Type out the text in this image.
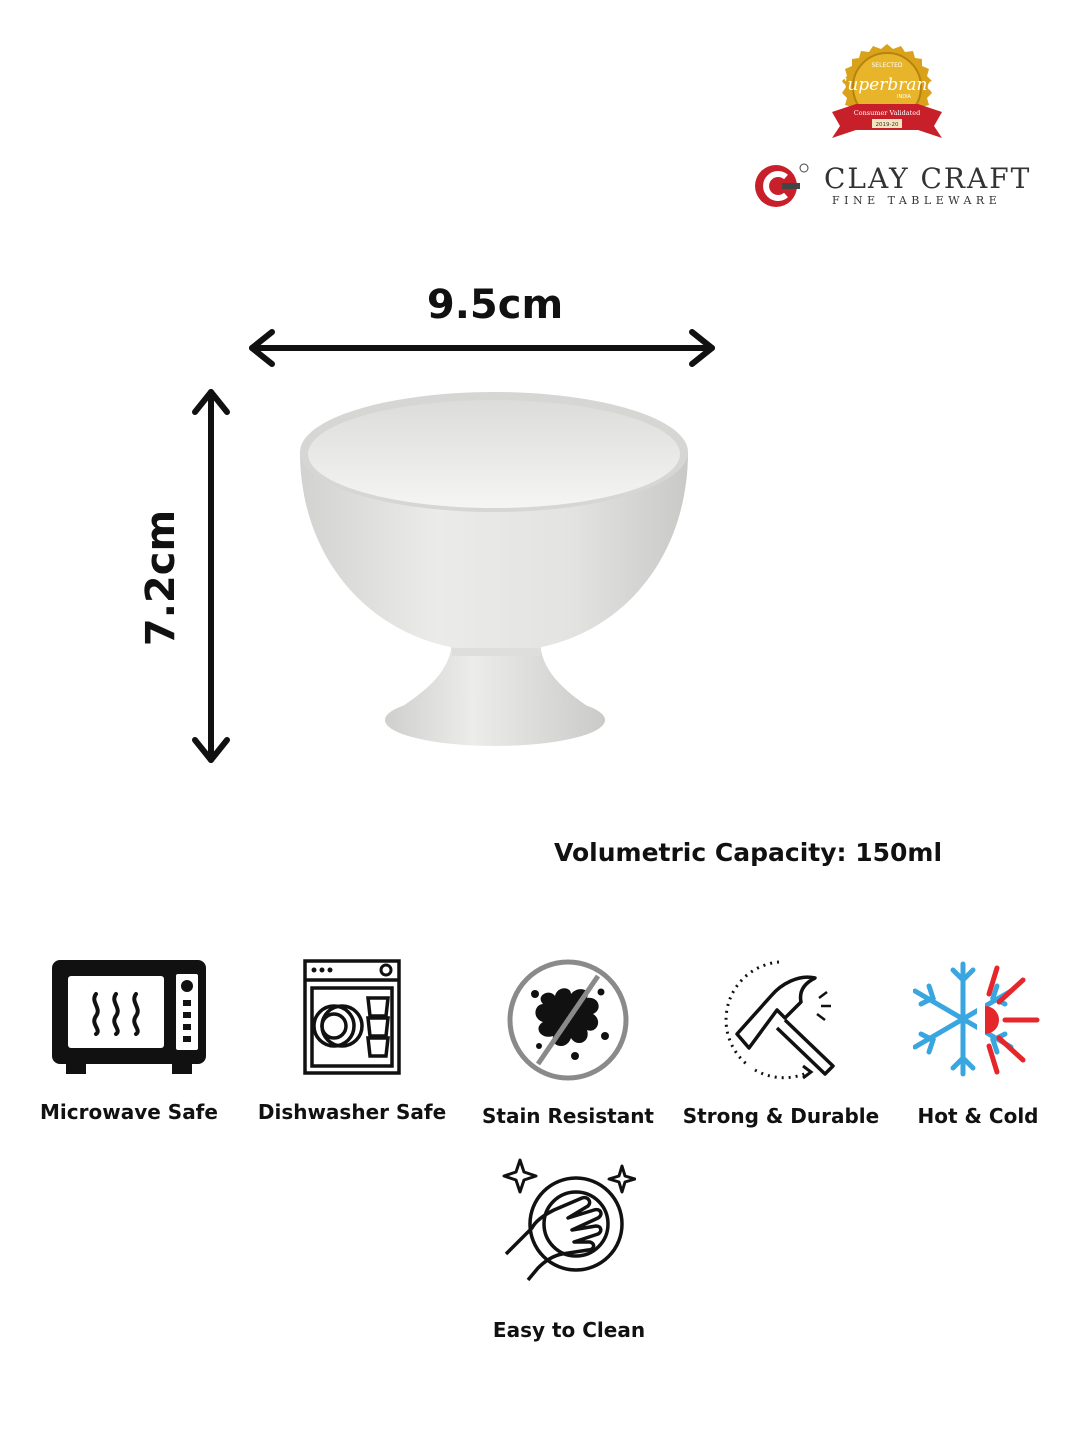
SELECTED
Superbrand
INDIA
Consumer Validated
2019-20
CLAY CRAFT
FINE TABLEWARE
9.5cm
7.2cm
Volumetric Capacity: 150ml
Microwave Safe	Dishwasher Safe	Stain Resistant	Strong & Durable	Hot & Cold
Easy to Clean
